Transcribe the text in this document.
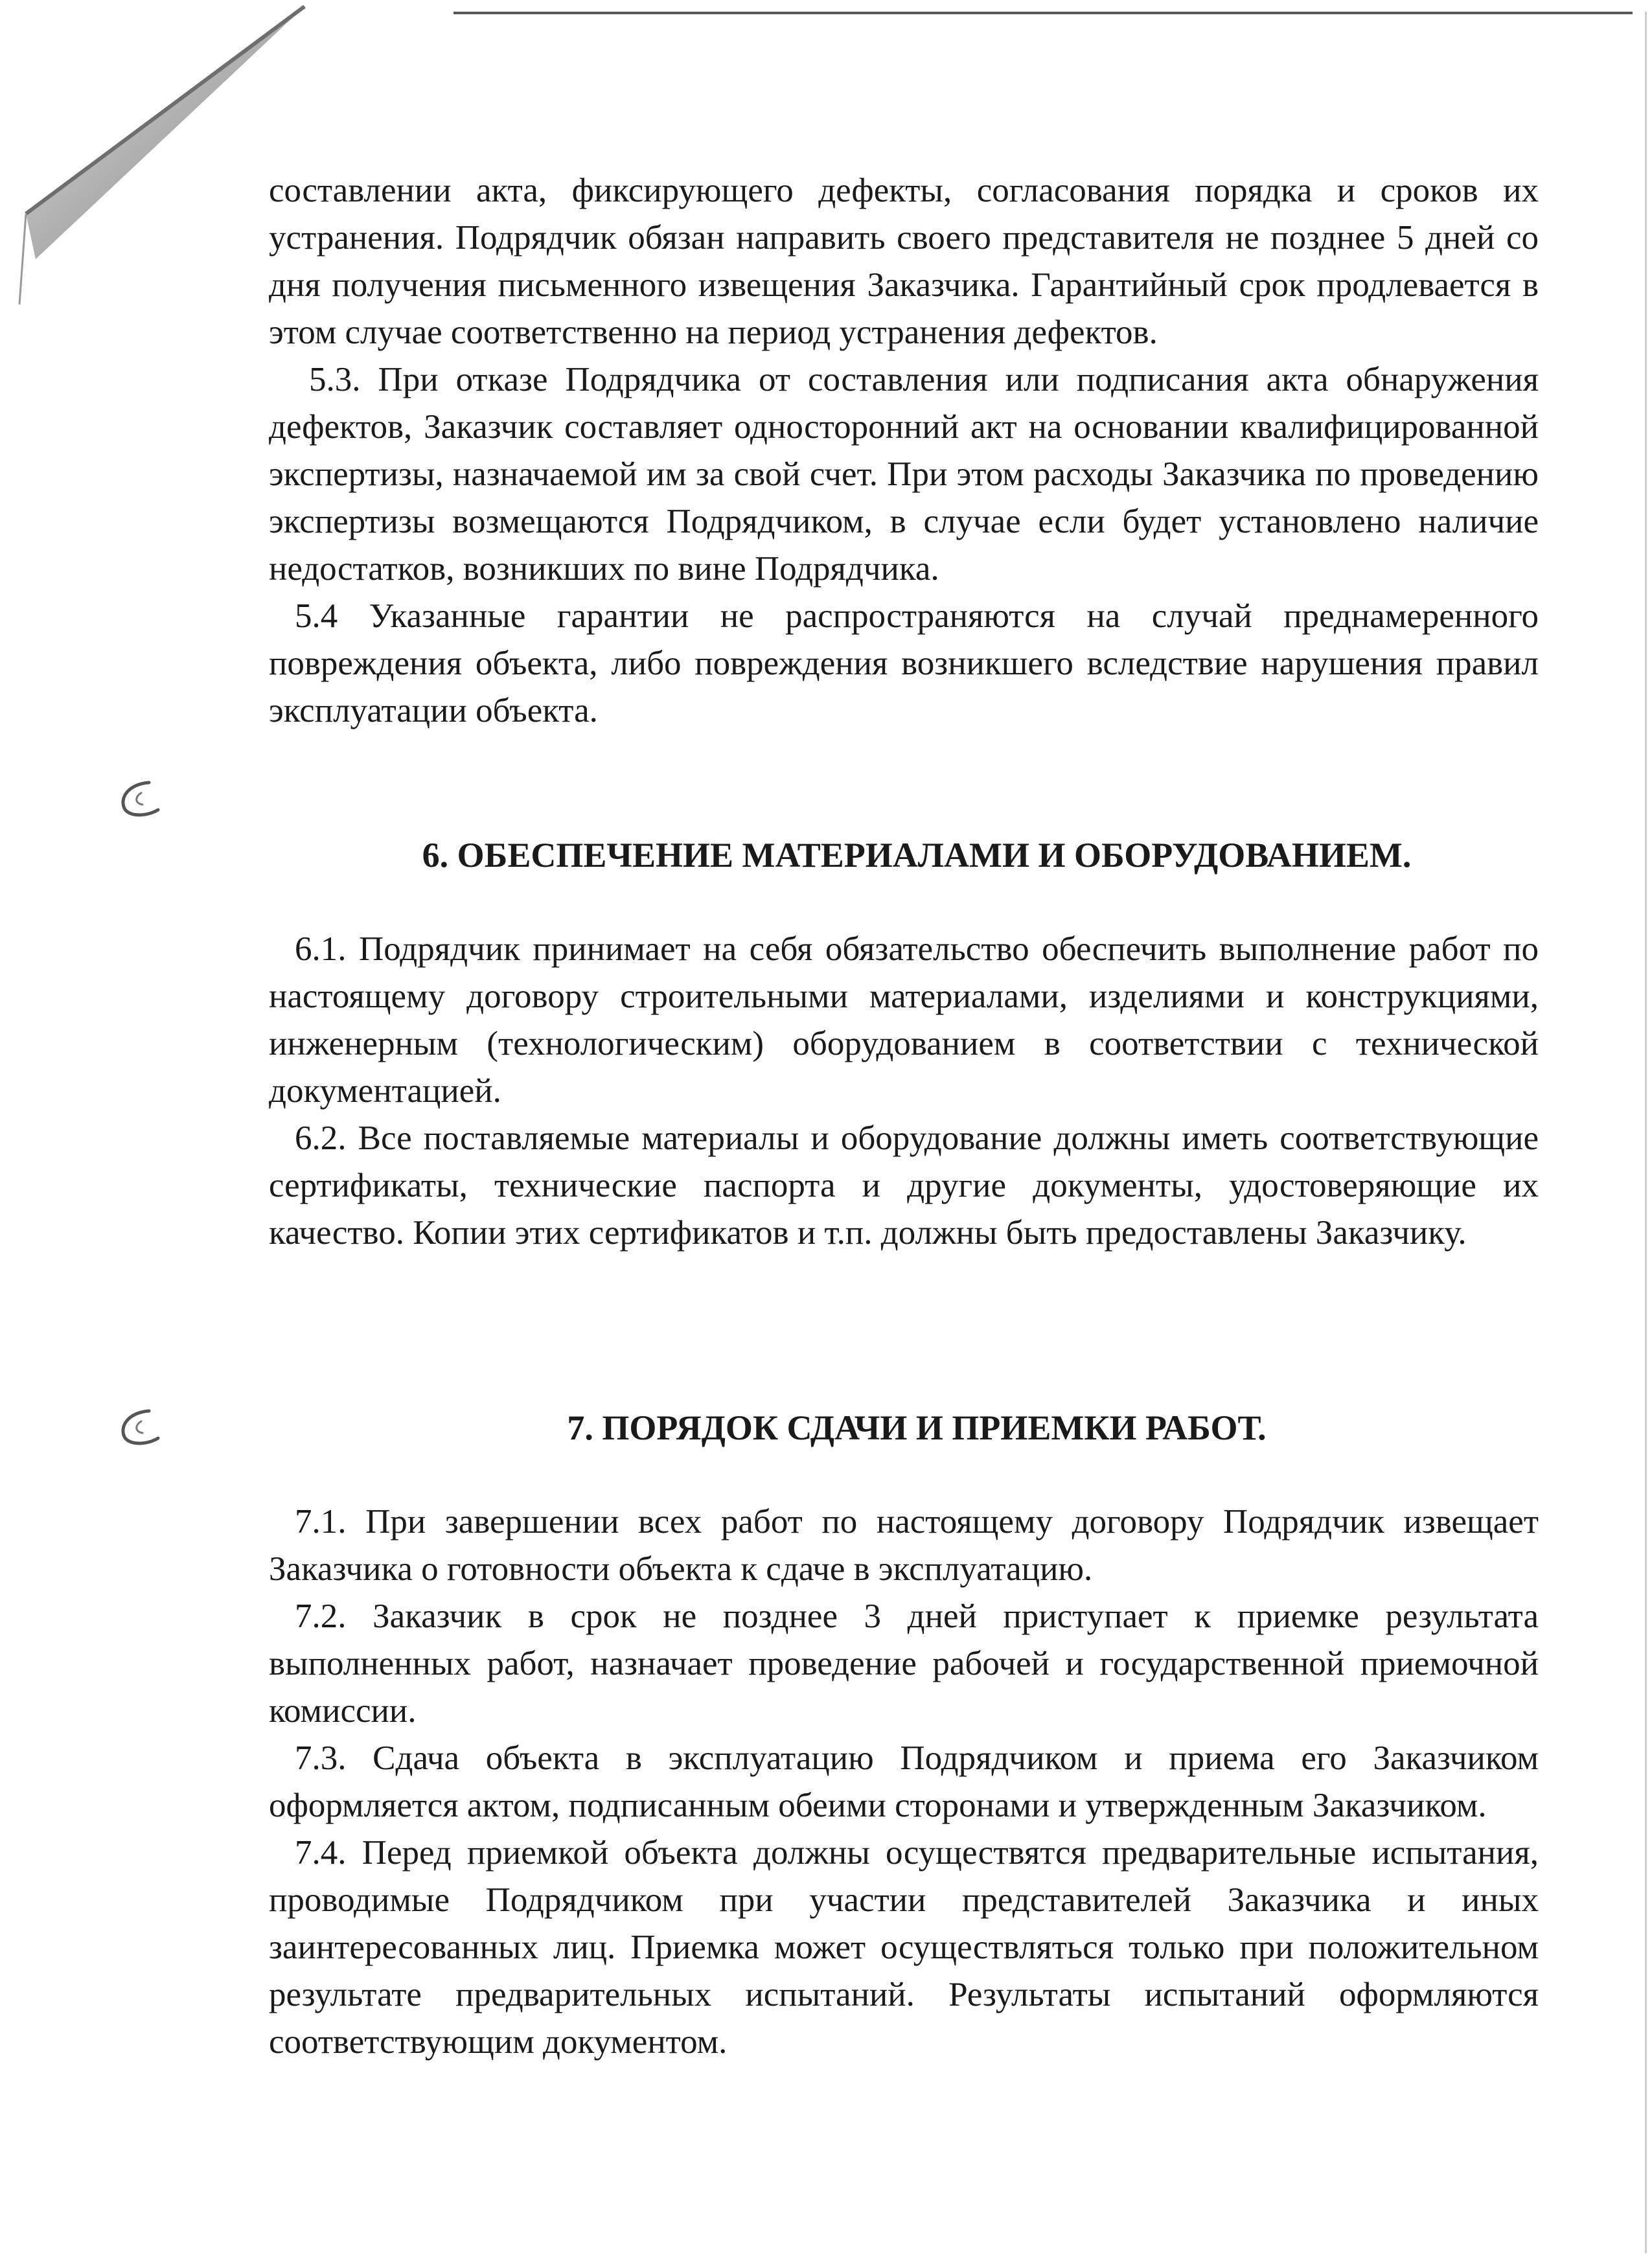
составлении акта, фиксирующего дефекты, согласования порядка и сроков их устранения. Подрядчик обязан направить своего представителя не позднее 5 дней со дня получения письменного извещения Заказчика. Гарантийный срок продлевается в этом случае соответственно на период устранения дефектов.

5.3. При отказе Подрядчика от составления или подписания акта обнаружения дефектов, Заказчик составляет односторонний акт на основании квалифицированной экспертизы, назначаемой им за свой счет. При этом расходы Заказчика по проведению экспертизы возмещаются Подрядчиком, в случае если будет установлено наличие недостатков, возникших по вине Подрядчика.

5.4 Указанные гарантии не распространяются на случай преднамеренного повреждения объекта, либо повреждения возникшего вследствие нарушения правил эксплуатации объекта.

6. ОБЕСПЕЧЕНИЕ МАТЕРИАЛАМИ И ОБОРУДОВАНИЕМ.

6.1. Подрядчик принимает на себя обязательство обеспечить выполнение работ по настоящему договору строительными материалами, изделиями и конструкциями, инженерным (технологическим) оборудованием в соответствии с технической документацией.

6.2. Все поставляемые материалы и оборудование должны иметь соответствующие сертификаты, технические паспорта и другие документы, удостоверяющие их качество. Копии этих сертификатов и т.п. должны быть предоставлены Заказчику.

7. ПОРЯДОК СДАЧИ И ПРИЕМКИ РАБОТ.

7.1. При завершении всех работ по настоящему договору Подрядчик извещает Заказчика о готовности объекта к сдаче в эксплуатацию.

7.2. Заказчик в срок не позднее 3 дней приступает к приемке результата выполненных работ, назначает проведение рабочей и государственной приемочной комиссии.

7.3. Сдача объекта в эксплуатацию Подрядчиком и приема его Заказчиком оформляется актом, подписанным обеими сторонами и утвержденным Заказчиком.

7.4. Перед приемкой объекта должны осуществятся предварительные испытания, проводимые Подрядчиком при участии представителей Заказчика и иных заинтересованных лиц. Приемка может осуществляться только при положительном результате предварительных испытаний. Результаты испытаний оформляются соответствующим документом.
